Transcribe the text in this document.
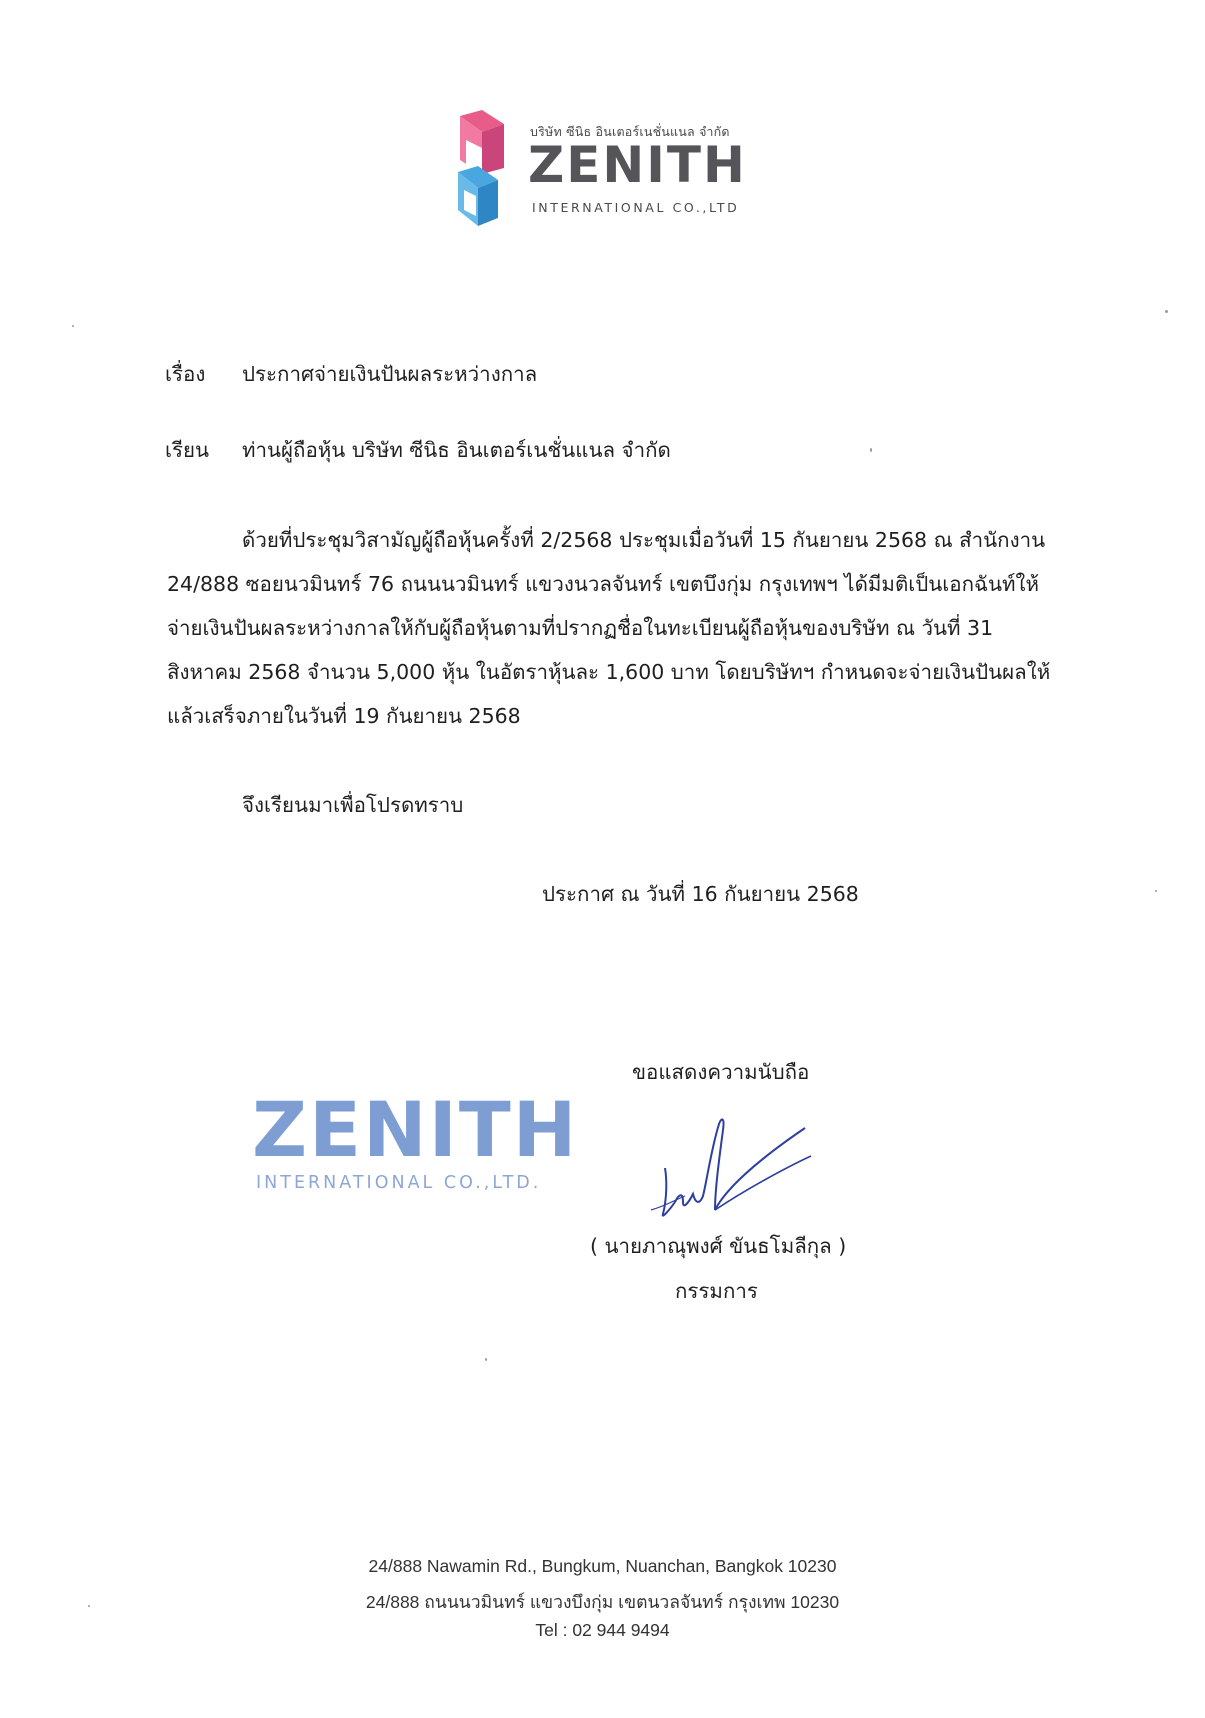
บริษัท ซีนิธ อินเตอร์เนชั่นแนล จำกัด
ZENITH
INTERNATIONAL CO.,LTD
เรื่อง ประกาศจ่ายเงินปันผลระหว่างกาล
เรียน ท่านผู้ถือหุ้น บริษัท ซีนิธ อินเตอร์เนชั่นแนล จำกัด
ด้วยที่ประชุมวิสามัญผู้ถือหุ้นครั้งที่ 2/2568 ประชุมเมื่อวันที่ 15 กันยายน 2568 ณ สำนักงาน
24/888 ซอยนวมินทร์ 76 ถนนนวมินทร์ แขวงนวลจันทร์ เขตบึงกุ่ม กรุงเทพฯ ได้มีมติเป็นเอกฉันท์ให้
จ่ายเงินปันผลระหว่างกาลให้กับผู้ถือหุ้นตามที่ปรากฏชื่อในทะเบียนผู้ถือหุ้นของบริษัท ณ วันที่ 31
สิงหาคม 2568 จำนวน 5,000 หุ้น ในอัตราหุ้นละ 1,600 บาท โดยบริษัทฯ กำหนดจะจ่ายเงินปันผลให้
แล้วเสร็จภายในวันที่ 19 กันยายน 2568
จึงเรียนมาเพื่อโปรดทราบ
ประกาศ ณ วันที่ 16 กันยายน 2568
ขอแสดงความนับถือ
ZENITH
INTERNATIONAL CO.,LTD.
( นายภาณุพงศ์ ขันธโมลีกุล )
กรรมการ
24/888 Nawamin Rd., Bungkum, Nuanchan, Bangkok 10230
24/888 ถนนนวมินทร์ แขวงบึงกุ่ม เขตนวลจันทร์ กรุงเทพ 10230
Tel : 02 944 9494
